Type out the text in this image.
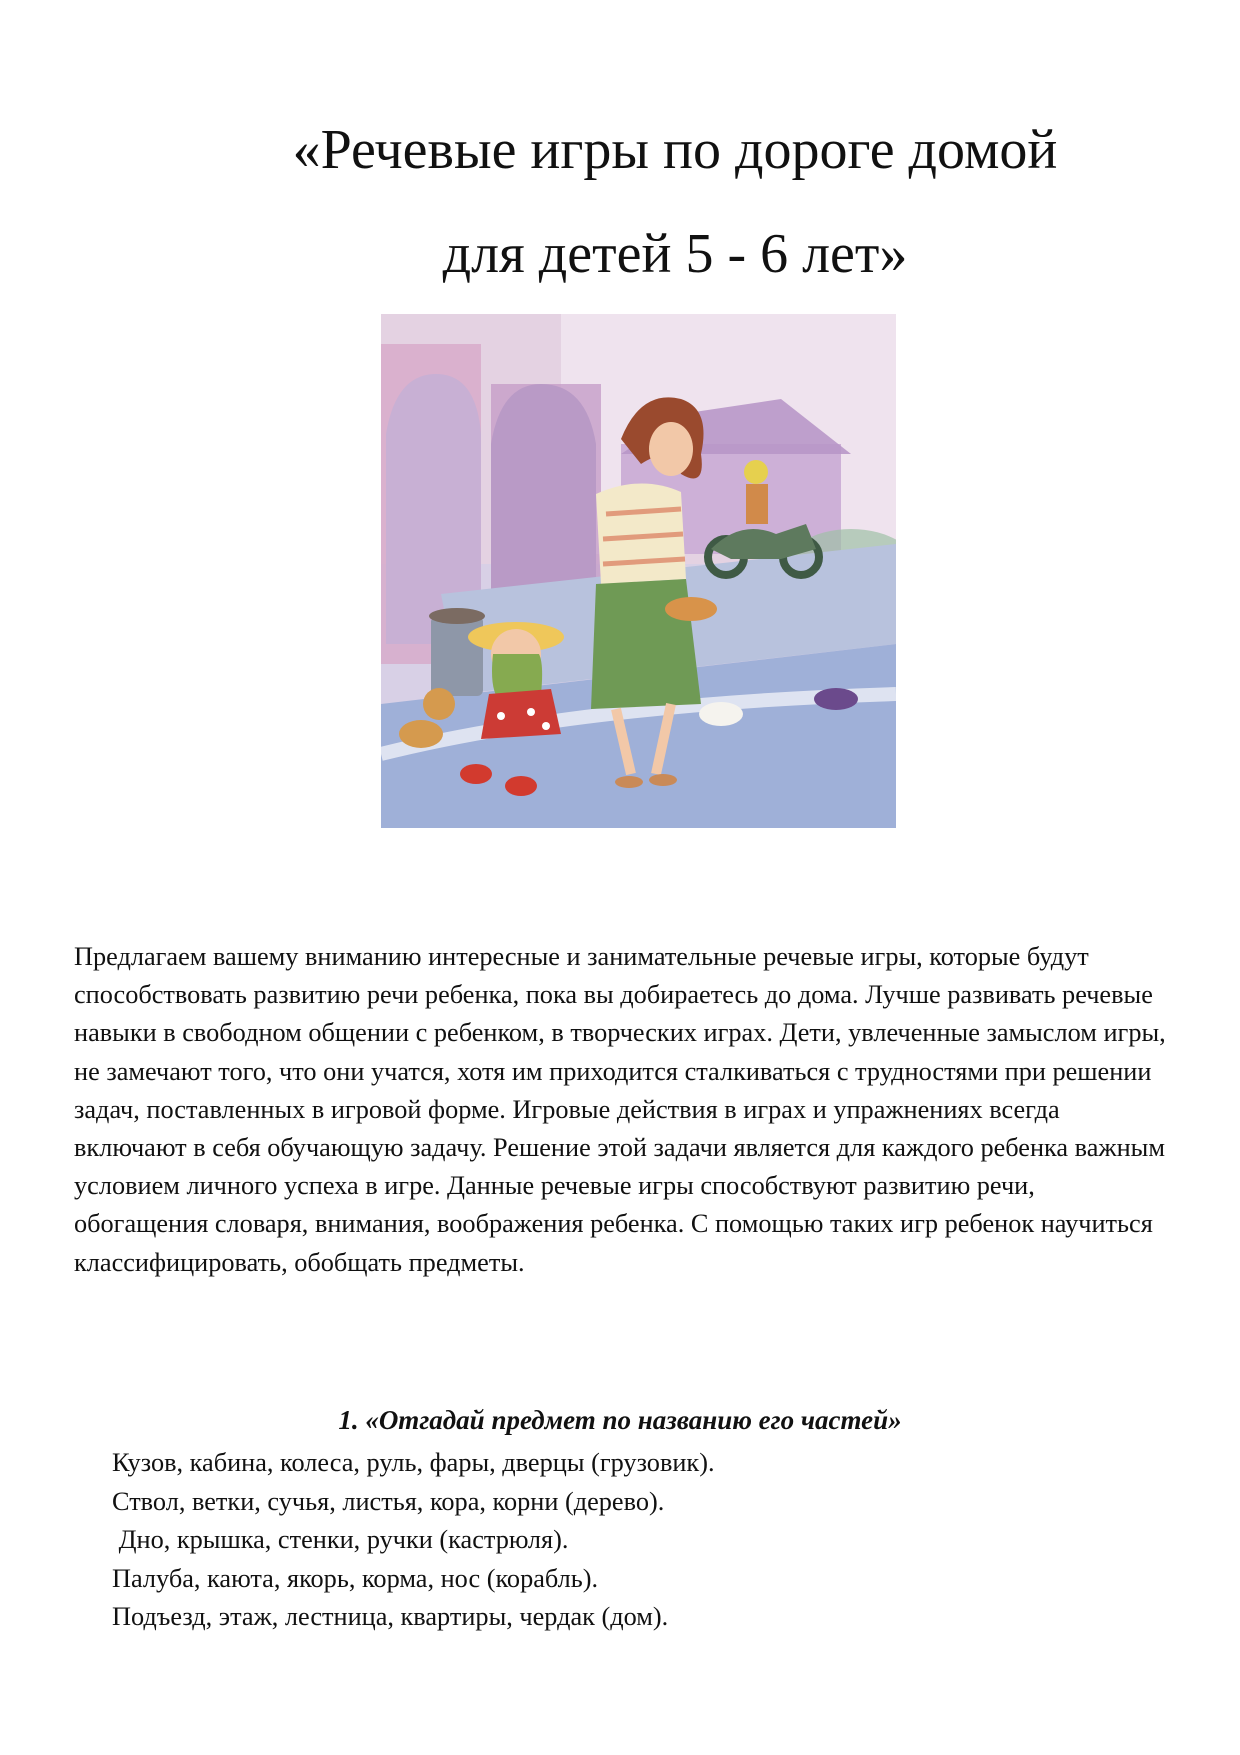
«Речевые игры по дороге домой
для детей 5 - 6 лет»

Предлагаем вашему вниманию интересные и занимательные речевые игры, которые будут способствовать развитию речи ребенка, пока вы добираетесь до дома. Лучше развивать речевые навыки в свободном общении с ребенком, в творческих играх. Дети, увлеченные замыслом игры, не замечают того, что они учатся, хотя им приходится сталкиваться с трудностями при решении задач, поставленных в игровой форме. Игровые действия в играх и упражнениях всегда включают в себя обучающую задачу. Решение этой задачи является для каждого ребенка важным условием личного успеха в игре. Данные речевые игры способствуют развитию речи, обогащения словаря, внимания, воображения ребенка. С помощью таких игр ребенок научиться классифицировать, обобщать предметы.

1. «Отгадай предмет по названию его частей»
Кузов, кабина, колеса, руль, фары, дверцы (грузовик).
Ствол, ветки, сучья, листья, кора, корни (дерево).
Дно, крышка, стенки, ручки (кастрюля).
Палуба, каюта, якорь, корма, нос (корабль).
Подъезд, этаж, лестница, квартиры, чердак (дом).
